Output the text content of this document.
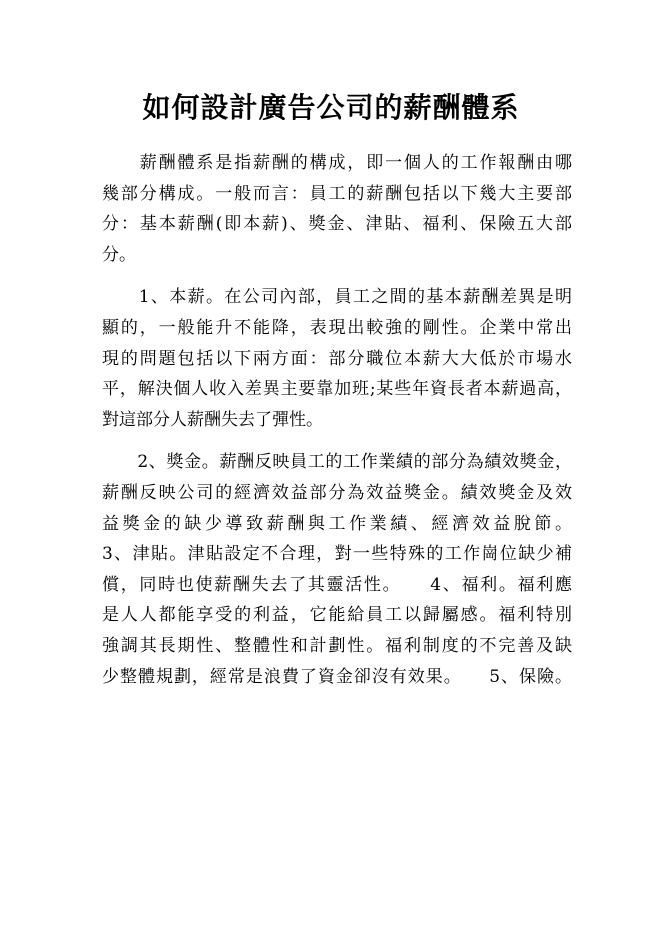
如何設計廣告公司的薪酬體系
　　薪酬體系是指薪酬的構成，即一個人的工作報酬由哪
幾部分構成。一般而言：員工的薪酬包括以下幾大主要部
分：基本薪酬(即本薪)、獎金、津貼、福利、保險五大部
分。
　　1、本薪。在公司內部，員工之間的基本薪酬差異是明
顯的，一般能升不能降，表現出較強的剛性。企業中常出
現的問題包括以下兩方面：部分職位本薪大大低於市場水
平，解決個人收入差異主要靠加班;某些年資長者本薪過高，
對這部分人薪酬失去了彈性。
　　2、獎金。薪酬反映員工的工作業績的部分為績效獎金，
薪酬反映公司的經濟效益部分為效益獎金。績效獎金及效
益獎金的缺少導致薪酬與工作業績、經濟效益脫節。
3、津貼。津貼設定不合理，對一些特殊的工作崗位缺少補
償，同時也使薪酬失去了其靈活性。　　4、福利。福利應
是人人都能享受的利益，它能給員工以歸屬感。福利特別
強調其長期性、整體性和計劃性。福利制度的不完善及缺
少整體規劃，經常是浪費了資金卻沒有效果。　　5、保險。
